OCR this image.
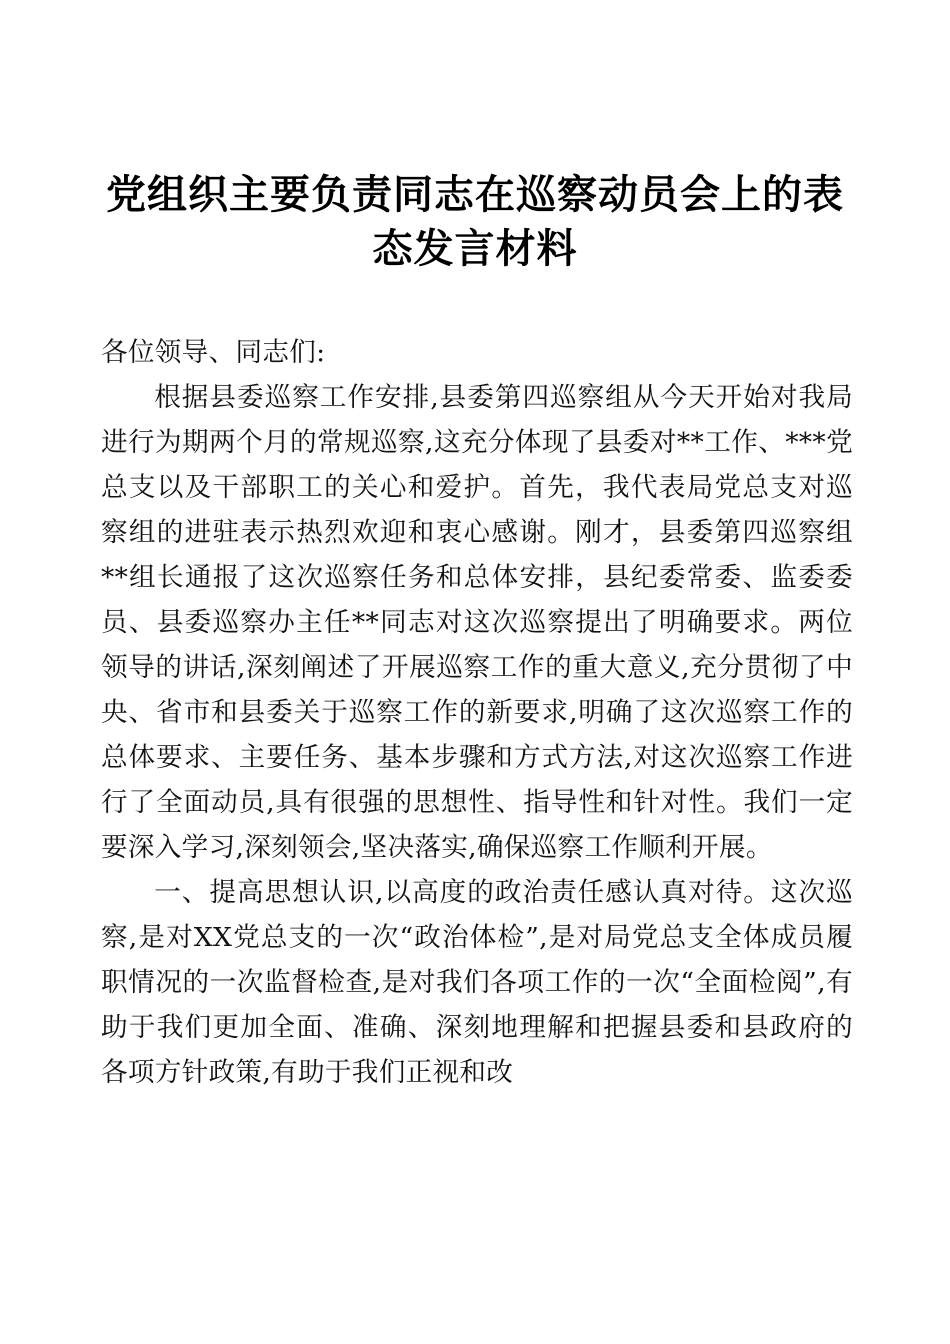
党组织主要负责同志在巡察动员会上的表态发言材料

各位领导、同志们:

根据县委巡察工作安排,县委第四巡察组从今天开始对我局进行为期两个月的常规巡察,这充分体现了县委对**工作、***党总支以及干部职工的关心和爱护。首先，我代表局党总支对巡察组的进驻表示热烈欢迎和衷心感谢。刚才，县委第四巡察组**组长通报了这次巡察任务和总体安排，县纪委常委、监委委员、县委巡察办主任**同志对这次巡察提出了明确要求。两位领导的讲话,深刻阐述了开展巡察工作的重大意义,充分贯彻了中央、省市和县委关于巡察工作的新要求,明确了这次巡察工作的总体要求、主要任务、基本步骤和方式方法,对这次巡察工作进行了全面动员,具有很强的思想性、指导性和针对性。我们一定要深入学习,深刻领会,坚决落实,确保巡察工作顺利开展。

一、提高思想认识,以高度的政治责任感认真对待。这次巡察,是对XX党总支的一次“政治体检”,是对局党总支全体成员履职情况的一次监督检查,是对我们各项工作的一次“全面检阅”,有助于我们更加全面、准确、深刻地理解和把握县委和县政府的各项方针政策,有助于我们正视和改
